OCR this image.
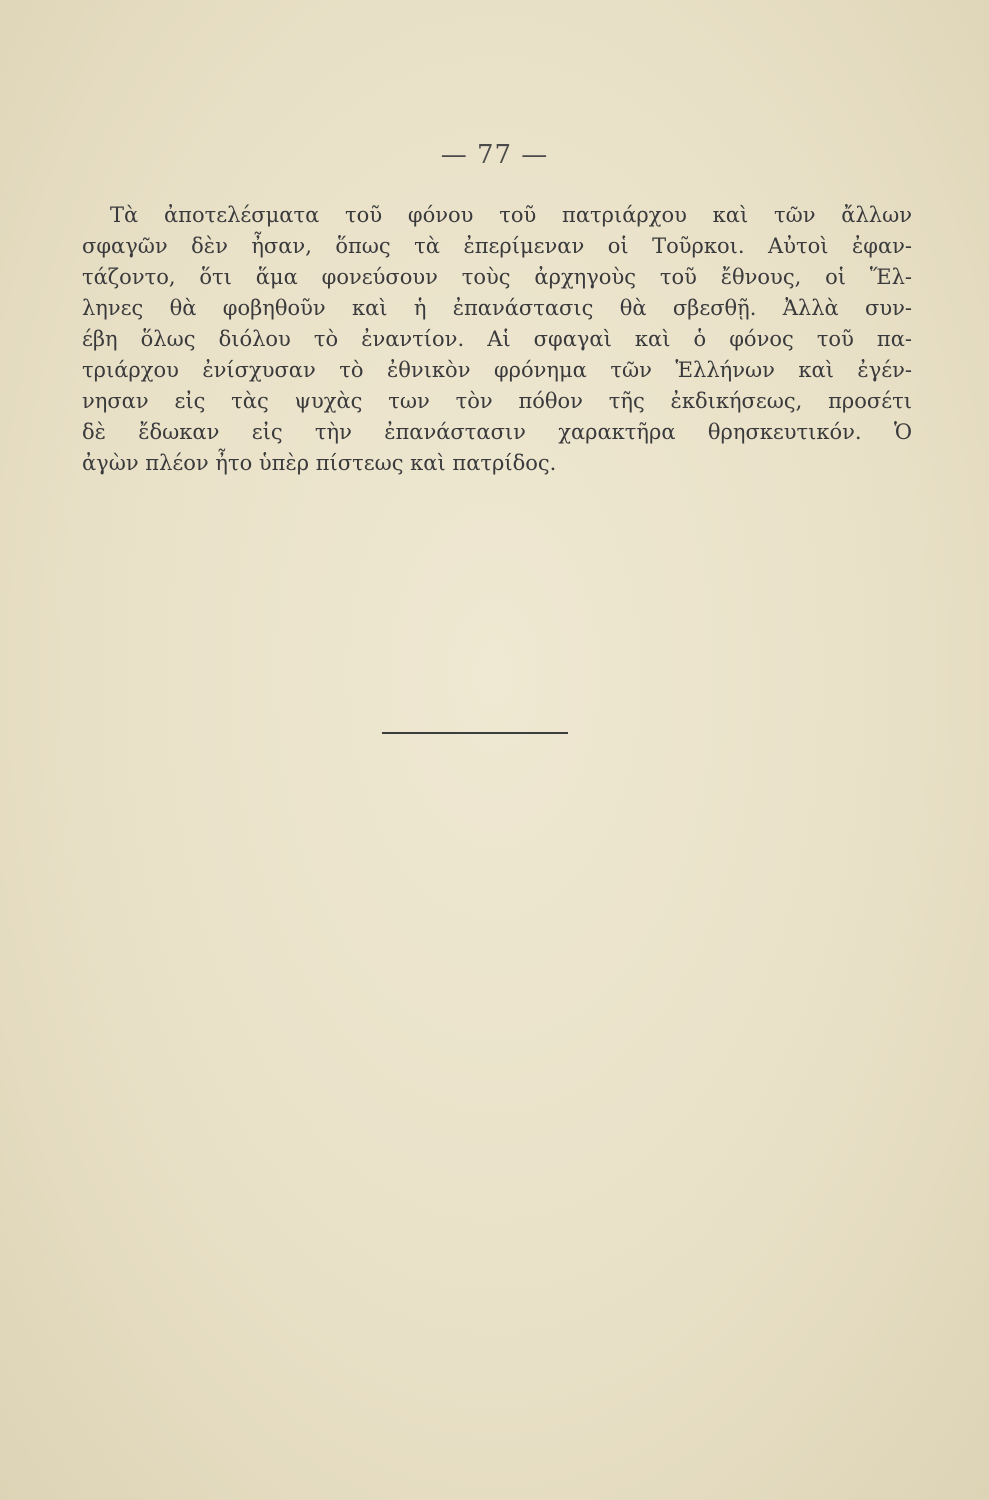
— 77 —
Τὰ ἀποτελέσματα τοῦ φόνου τοῦ πατριάρχου καὶ τῶν ἄλλων
σφαγῶν δὲν ἦσαν, ὅπως τὰ ἐπερίμεναν οἱ Τοῦρκοι. Αὐτοὶ ἐφαν-
τάζοντο, ὅτι ἅμα φονεύσουν τοὺς ἀρχηγοὺς τοῦ ἔθνους, οἱ Ἕλ-
ληνες θὰ φοβηθοῦν καὶ ἡ ἐπανάστασις θὰ σβεσθῇ. Ἀλλὰ συν-
έβη ὅλως διόλου τὸ ἐναντίον. Αἱ σφαγαὶ καὶ ὁ φόνος τοῦ πα-
τριάρχου ἐνίσχυσαν τὸ ἐθνικὸν φρόνημα τῶν Ἑλλήνων καὶ ἐγέν-
νησαν εἰς τὰς ψυχὰς των τὸν πόθον τῆς ἐκδικήσεως, προσέτι
δὲ ἔδωκαν εἰς τὴν ἐπανάστασιν χαρακτῆρα θρησκευτικόν. Ὁ
ἀγὼν πλέον ἦτο ὑπὲρ πίστεως καὶ πατρίδος.
